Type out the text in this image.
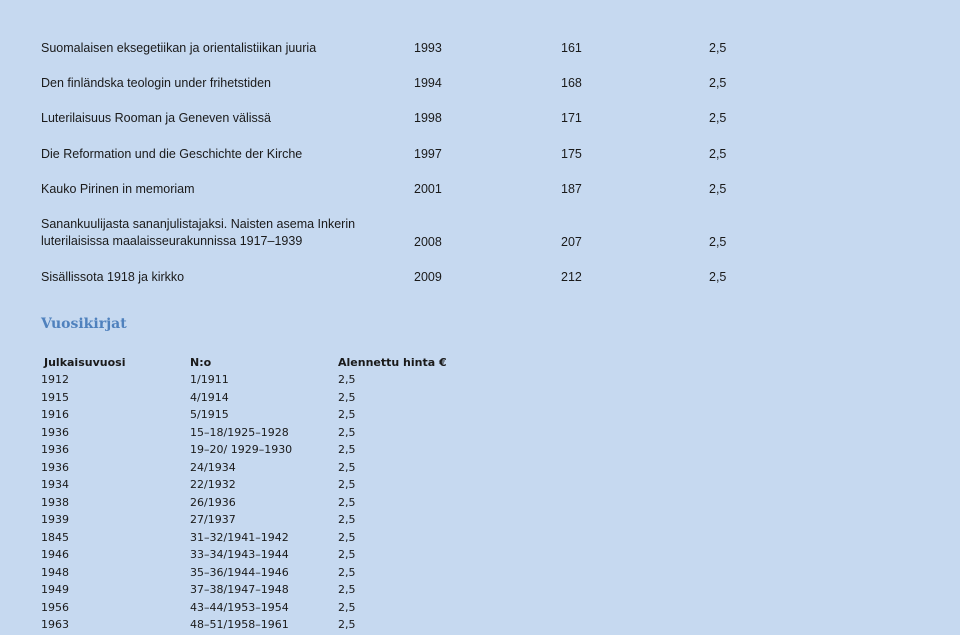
Suomalaisen eksegetiikan ja orientalistiikan juuria	1993	161	2,5
Den finländska teologin under frihetstiden	1994	168	2,5
Luterilaisuus Rooman ja Geneven välissä	1998	171	2,5
Die Reformation und die Geschichte der Kirche	1997	175	2,5
Kauko Pirinen in memoriam	2001	187	2,5
Sanankuulijasta sananjulistajaksi. Naisten asema Inkerin
luterilaisissa maalaisseurakunnissa 1917–1939	2008	207	2,5
Sisällissota 1918 ja kirkko	2009	212	2,5
Vuosikirjat
Julkaisuvuosi	N:o	Alennettu hinta €
1912	1/1911	2,5
1915	4/1914	2,5
1916	5/1915	2,5
1936	15–18/1925–1928	2,5
1936	19–20/ 1929–1930	2,5
1936	24/1934	2,5
1934	22/1932	2,5
1938	26/1936	2,5
1939	27/1937	2,5
1845	31–32/1941–1942	2,5
1946	33–34/1943–1944	2,5
1948	35–36/1944–1946	2,5
1949	37–38/1947–1948	2,5
1956	43–44/1953–1954	2,5
1963	48–51/1958–1961	2,5
